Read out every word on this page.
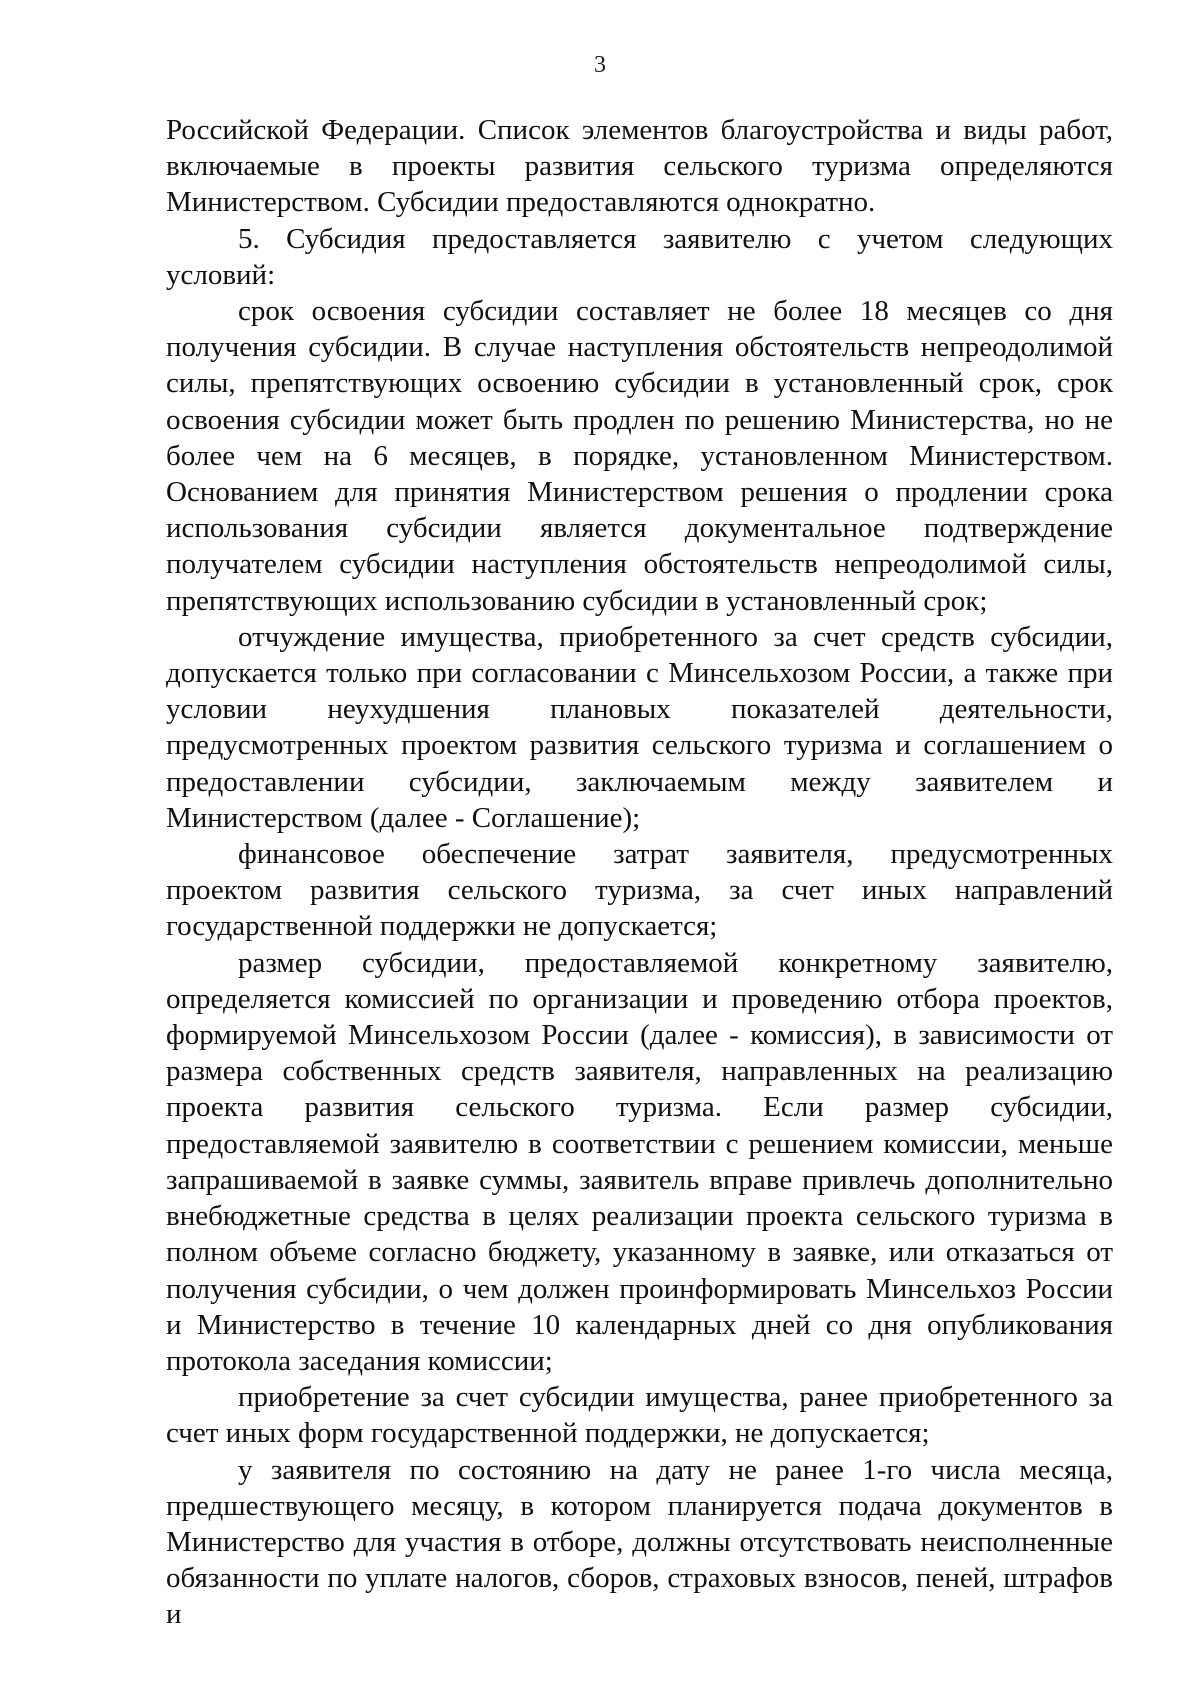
3

Российской Федерации. Список элементов благоустройства и виды работ, включаемые в проекты развития сельского туризма определяются Министерством. Субсидии предоставляются однократно.

5. Субсидия предоставляется заявителю с учетом следующих условий:

срок освоения субсидии составляет не более 18 месяцев со дня получения субсидии. В случае наступления обстоятельств непреодолимой силы, препятствующих освоению субсидии в установленный срок, срок освоения субсидии может быть продлен по решению Министерства, но не более чем на 6 месяцев, в порядке, установленном Министерством. Основанием для принятия Министерством решения о продлении срока использования субсидии является документальное подтверждение получателем субсидии наступления обстоятельств непреодолимой силы, препятствующих использованию субсидии в установленный срок;

отчуждение имущества, приобретенного за счет средств субсидии, допускается только при согласовании с Минсельхозом России, а также при условии неухудшения плановых показателей деятельности, предусмотренных проектом развития сельского туризма и соглашением о предоставлении субсидии, заключаемым между заявителем и Министерством (далее - Соглашение);

финансовое обеспечение затрат заявителя, предусмотренных проектом развития сельского туризма, за счет иных направлений государственной поддержки не допускается;

размер субсидии, предоставляемой конкретному заявителю, определяется комиссией по организации и проведению отбора проектов, формируемой Минсельхозом России (далее - комиссия), в зависимости от размера собственных средств заявителя, направленных на реализацию проекта развития сельского туризма. Если размер субсидии, предоставляемой заявителю в соответствии с решением комиссии, меньше запрашиваемой в заявке суммы, заявитель вправе привлечь дополнительно внебюджетные средства в целях реализации проекта сельского туризма в полном объеме согласно бюджету, указанному в заявке, или отказаться от получения субсидии, о чем должен проинформировать Минсельхоз России и Министерство в течение 10 календарных дней со дня опубликования протокола заседания комиссии;

приобретение за счет субсидии имущества, ранее приобретенного за счет иных форм государственной поддержки, не допускается;

у заявителя по состоянию на дату не ранее 1-го числа месяца, предшествующего месяцу, в котором планируется подача документов в Министерство для участия в отборе, должны отсутствовать неисполненные обязанности по уплате налогов, сборов, страховых взносов, пеней, штрафов и
